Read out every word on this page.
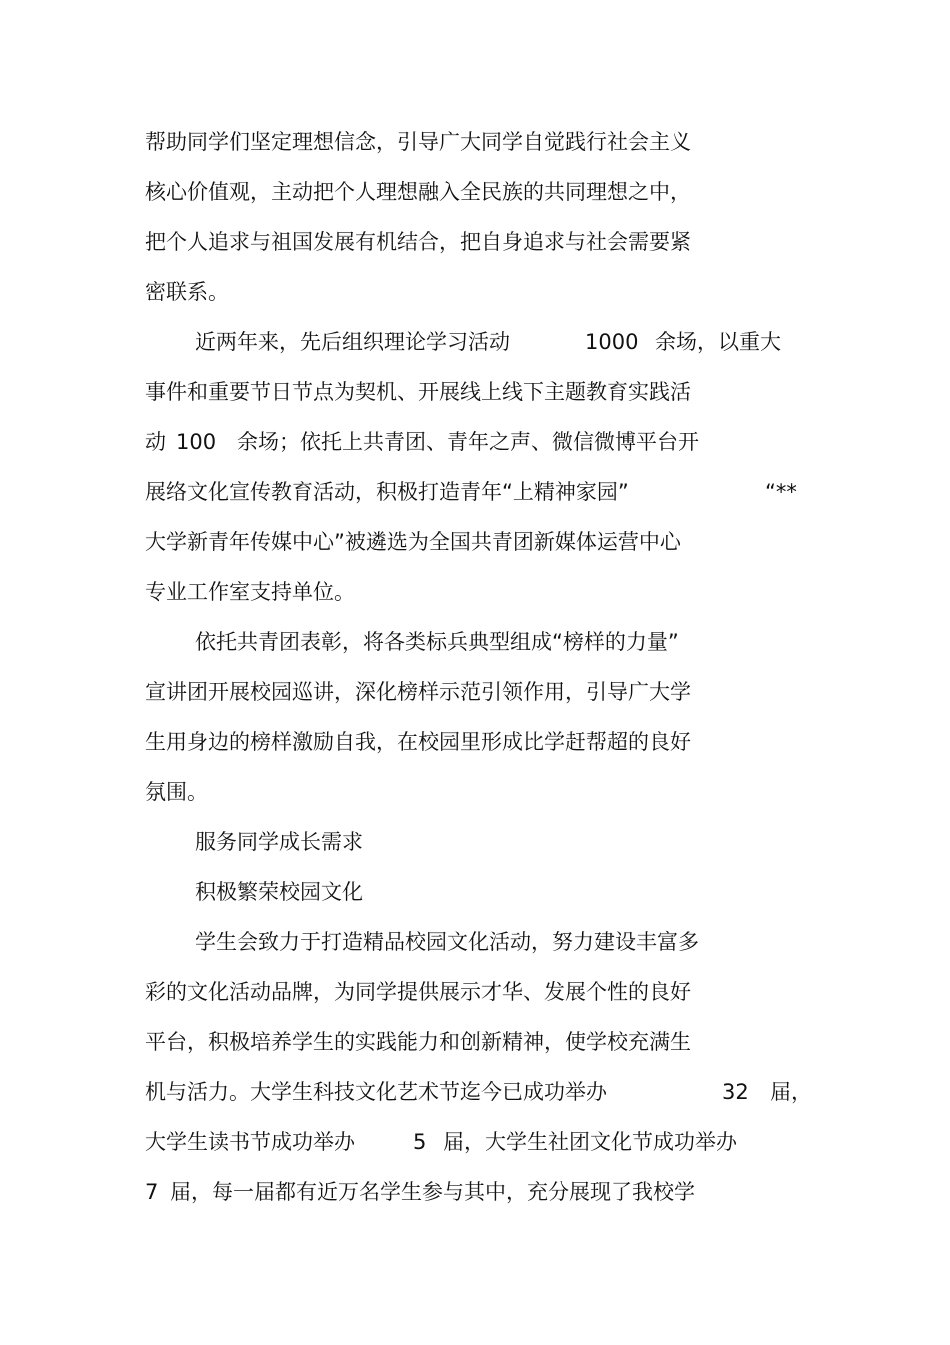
帮助同学们坚定理想信念，引导广大同学自觉践行社会主义
核心价值观，主动把个人理想融入全民族的共同理想之中，
把个人追求与祖国发展有机结合，把自身追求与社会需要紧
密联系。
近两年来，先后组织理论学习活动	1000 余场，以重大
事件和重要节日节点为契机、开展线上线下主题教育实践活
动 100 余场；依托上共青团、青年之声、微信微博平台开
展络文化宣传教育活动，积极打造青年“上精神家园”	“**
大学新青年传媒中心”被遴选为全国共青团新媒体运营中心
专业工作室支持单位。
依托共青团表彰，将各类标兵典型组成“榜样的力量”
宣讲团开展校园巡讲，深化榜样示范引领作用，引导广大学
生用身边的榜样激励自我，在校园里形成比学赶帮超的良好
氛围。
服务同学成长需求
积极繁荣校园文化
学生会致力于打造精品校园文化活动，努力建设丰富多
彩的文化活动品牌，为同学提供展示才华、发展个性的良好
平台，积极培养学生的实践能力和创新精神，使学校充满生
机与活力。大学生科技文化艺术节迄今已成功举办	32 届，
大学生读书节成功举办	5 届，大学生社团文化节成功举办
7 届，每一届都有近万名学生参与其中，充分展现了我校学
